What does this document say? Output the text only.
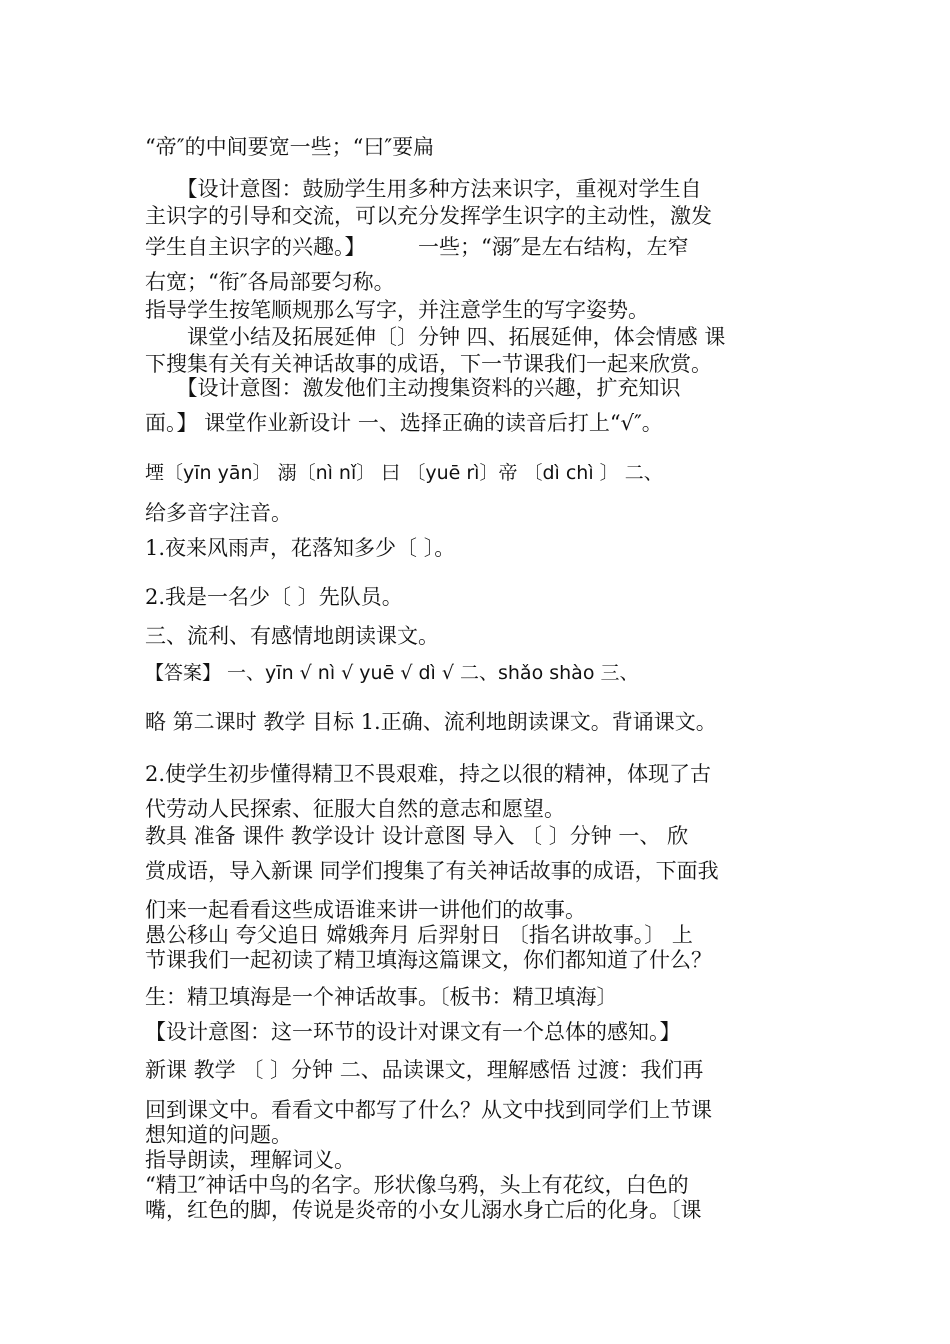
“帝″的中间要宽一些；“曰″要扁
　　【设计意图：鼓励学生用多种方法来识字，重视对学生自
主识字的引导和交流，可以充分发挥学生识字的主动性，激发
学生自主识字的兴趣。】　　　一些；“溺″是左右结构，左窄
右宽；“衔″各局部要匀称。
指导学生按笔顺规那么写字，并注意学生的写字姿势。
　　课堂小结及拓展延伸〔〕分钟 四、拓展延伸，体会情感 课
下搜集有关有关神话故事的成语，下一节课我们一起来欣赏。
　　【设计意图：激发他们主动搜集资料的兴趣，扩充知识
面。】 课堂作业新设计 一、选择正确的读音后打上“√″。
堙〔yīn yān〕 溺〔nì nǐ〕 曰 〔yuē rì〕帝 〔dì chì 〕 二、
给多音字注音。
1.夜来风雨声，花落知多少〔 〕。
2.我是一名少〔 〕先队员。
三、流利、有感情地朗读课文。
【答案】 一、yīn √ nì √ yuē √ dì √ 二、shǎo shào 三、
略 第二课时 教学 目标 1.正确、流利地朗读课文。背诵课文。
2.使学生初步懂得精卫不畏艰难，持之以很的精神，体现了古
代劳动人民探索、征服大自然的意志和愿望。
教具 准备 课件 教学设计 设计意图 导入 〔 〕分钟 一、 欣
赏成语，导入新课 同学们搜集了有关神话故事的成语，下面我
们来一起看看这些成语谁来讲一讲他们的故事。
愚公移山 夸父追日 嫦娥奔月 后羿射日 〔指名讲故事。〕 上
节课我们一起初读了精卫填海这篇课文，你们都知道了什么？
生：精卫填海是一个神话故事。〔板书：精卫填海〕
【设计意图：这一环节的设计对课文有一个总体的感知。】
新课 教学 〔 〕分钟 二、品读课文，理解感悟 过渡：我们再
回到课文中。看看文中都写了什么？从文中找到同学们上节课
想知道的问题。
指导朗读，理解词义。
“精卫″神话中鸟的名字。形状像乌鸦，头上有花纹，白色的
嘴，红色的脚，传说是炎帝的小女儿溺水身亡后的化身。〔课
